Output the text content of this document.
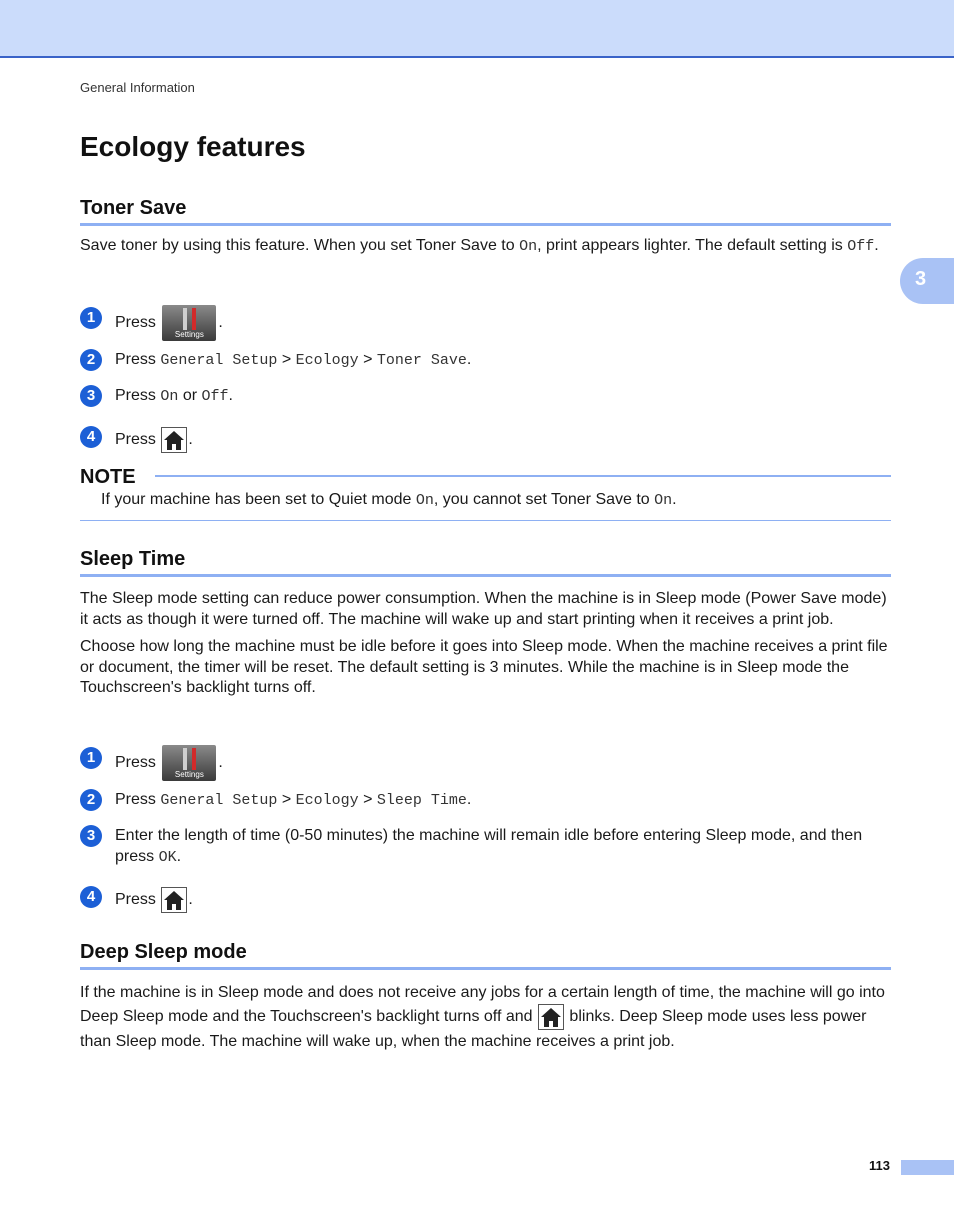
General Information
3
Ecology features
Toner Save

Save toner by using this feature. When you set Toner Save to On, print appears lighter. The default setting is Off.

1	Press
Settings
.
2	Press General Setup > Ecology > Toner Save.
3	Press On or Off.
4	Press .
NOTE
If your machine has been set to Quiet mode On, you cannot set Toner Save to On.
Sleep Time

The Sleep mode setting can reduce power consumption. When the machine is in Sleep mode (Power Save mode) it acts as though it were turned off. The machine will wake up and start printing when it receives a print job.

Choose how long the machine must be idle before it goes into Sleep mode. When the machine receives a print file or document, the timer will be reset. The default setting is 3 minutes. While the machine is in Sleep mode the Touchscreen's backlight turns off.

1	Press
Settings
.
2	Press General Setup > Ecology > Sleep Time.
3	Enter the length of time (0-50 minutes) the machine will remain idle before entering Sleep mode, and then press OK.
4	Press .
Deep Sleep mode

If the machine is in Sleep mode and does not receive any jobs for a certain length of time, the machine will go into Deep Sleep mode and the Touchscreen's backlight turns off and
blinks. Deep Sleep mode uses less power than Sleep mode. The machine will wake up, when the machine receives a print job.

113
